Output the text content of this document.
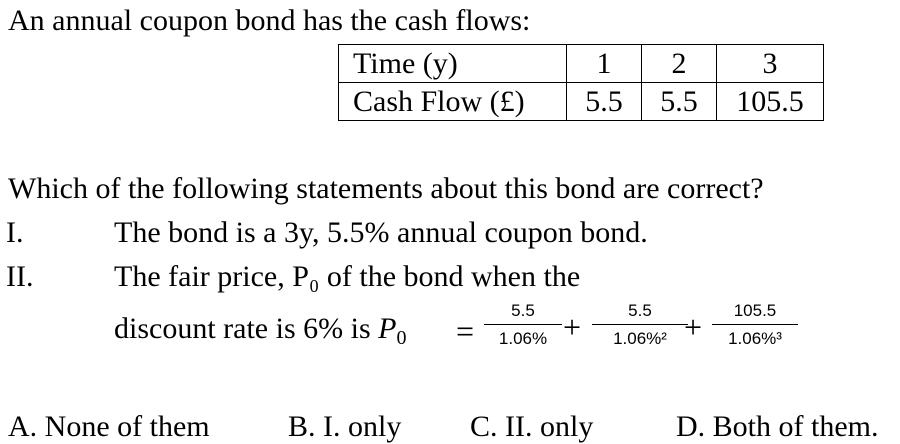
An annual coupon bond has the cash flows:
Time (y)	1	2	3
Cash Flow (£)	5.5	5.5	105.5
Which of the following statements about this bond are correct?
I.	The bond is a 3y, 5.5% annual coupon bond.
II.	The fair price, P₀ of the bond when the
discount rate is 6% is $P_0$ =
5.5
1.06% +	5.5
1.06%² +	105.5
1.06%³
A. None of them	B. I. only C. II. only	D. Both of them.
